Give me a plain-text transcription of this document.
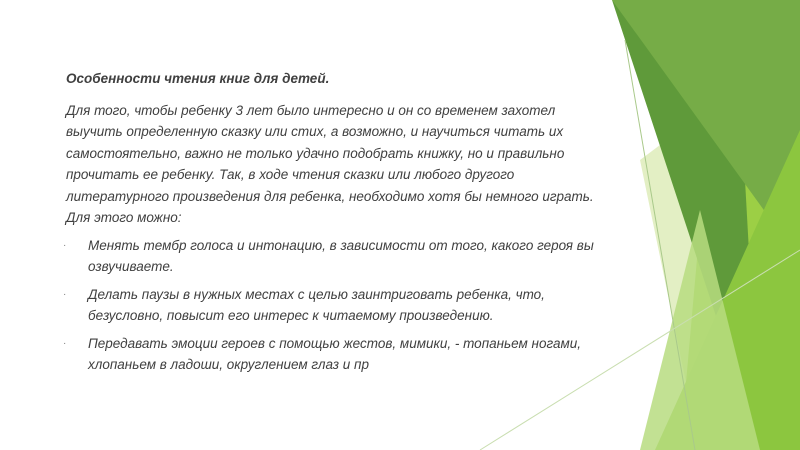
Особенности чтения книг для детей.

Для того, чтобы ребенку 3 лет было интересно и он со временем захотел выучить определенную сказку или стих, а возможно, и научиться читать их самостоятельно, важно не только удачно подобрать книжку, но и правильно прочитать ее ребенку. Так, в ходе чтения сказки или любого другого литературного произведения для ребенка, необходимо хотя бы немного играть. Для этого можно:

· Менять тембр голоса и интонацию, в зависимости от того, какого героя вы озвучиваете.
· Делать паузы в нужных местах с целью заинтриговать ребенка, что, безусловно, повысит его интерес к читаемому произведению.
· Передавать эмоции героев с помощью жестов, мимики, - топаньем ногами, хлопаньем в ладоши, округлением глаз и пр
